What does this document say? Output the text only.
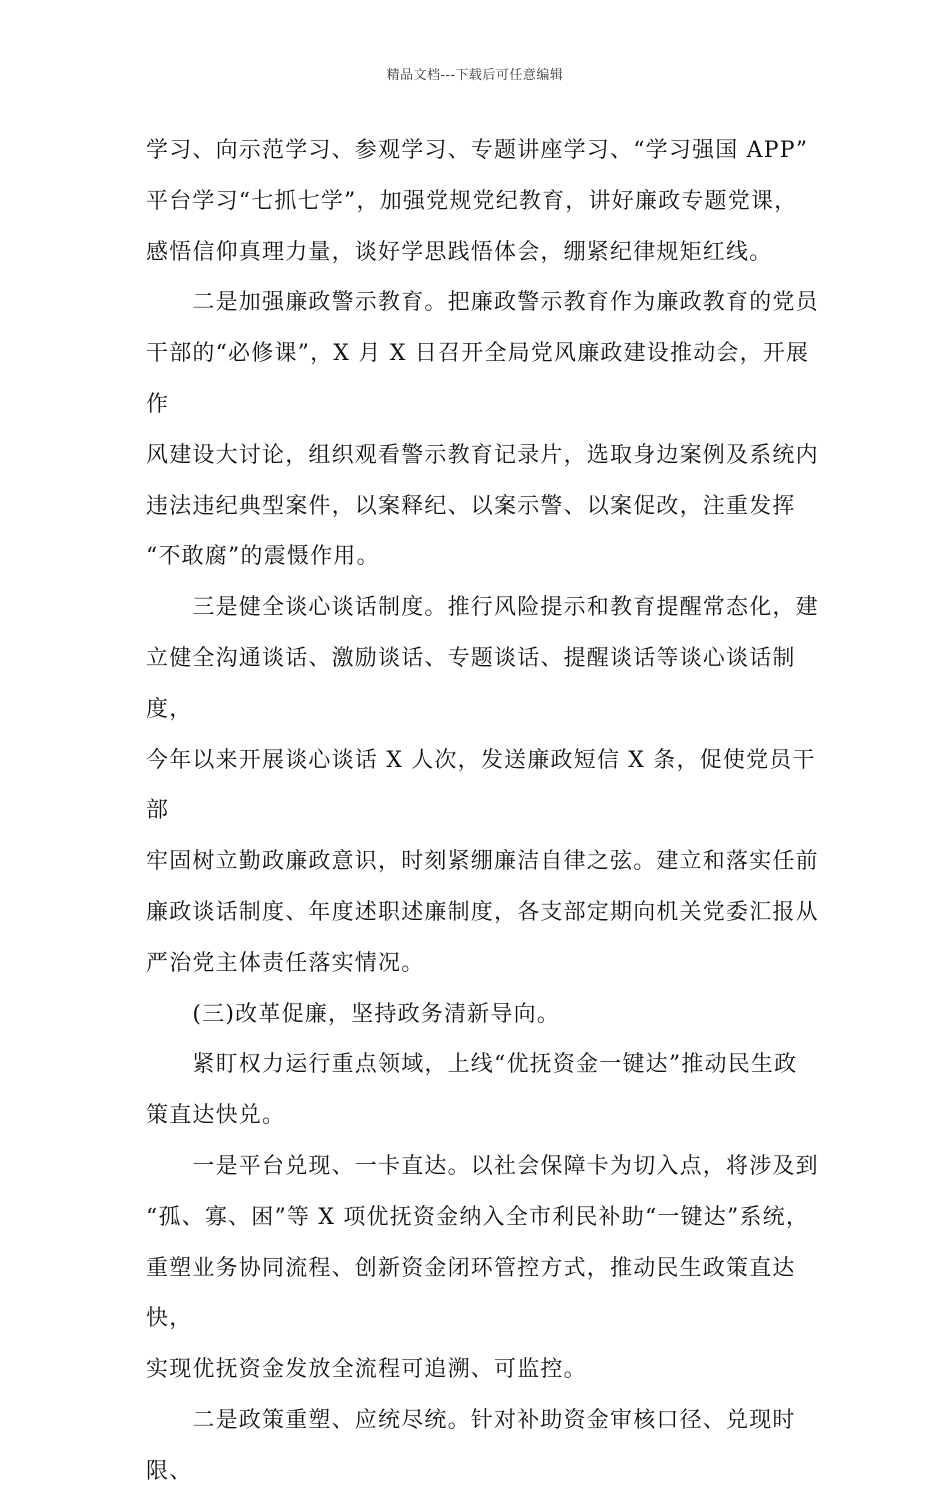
精品文档---下载后可任意编辑

学习、向示范学习、参观学习、专题讲座学习、“学习强国 APP”

平台学习“七抓七学”，加强党规党纪教育，讲好廉政专题党课，

感悟信仰真理力量，谈好学思践悟体会，绷紧纪律规矩红线。

　　二是加强廉政警示教育。把廉政警示教育作为廉政教育的党员

干部的“必修课”，X 月 X 日召开全局党风廉政建设推动会，开展作

风建设大讨论，组织观看警示教育记录片，选取身边案例及系统内

违法违纪典型案件，以案释纪、以案示警、以案促改，注重发挥

“不敢腐”的震慑作用。

　　三是健全谈心谈话制度。推行风险提示和教育提醒常态化，建

立健全沟通谈话、激励谈话、专题谈话、提醒谈话等谈心谈话制度，

今年以来开展谈心谈话 X 人次，发送廉政短信 X 条，促使党员干部

牢固树立勤政廉政意识，时刻紧绷廉洁自律之弦。建立和落实任前

廉政谈话制度、年度述职述廉制度，各支部定期向机关党委汇报从

严治党主体责任落实情况。

　　(三)改革促廉，坚持政务清新导向。

　　紧盯权力运行重点领域，上线“优抚资金一键达”推动民生政

策直达快兑。

　　一是平台兑现、一卡直达。以社会保障卡为切入点，将涉及到

“孤、寡、困”等 X 项优抚资金纳入全市利民补助“一键达”系统，

重塑业务协同流程、创新资金闭环管控方式，推动民生政策直达快，

实现优抚资金发放全流程可追溯、可监控。

　　二是政策重塑、应统尽统。针对补助资金审核口径、兑现时限、
